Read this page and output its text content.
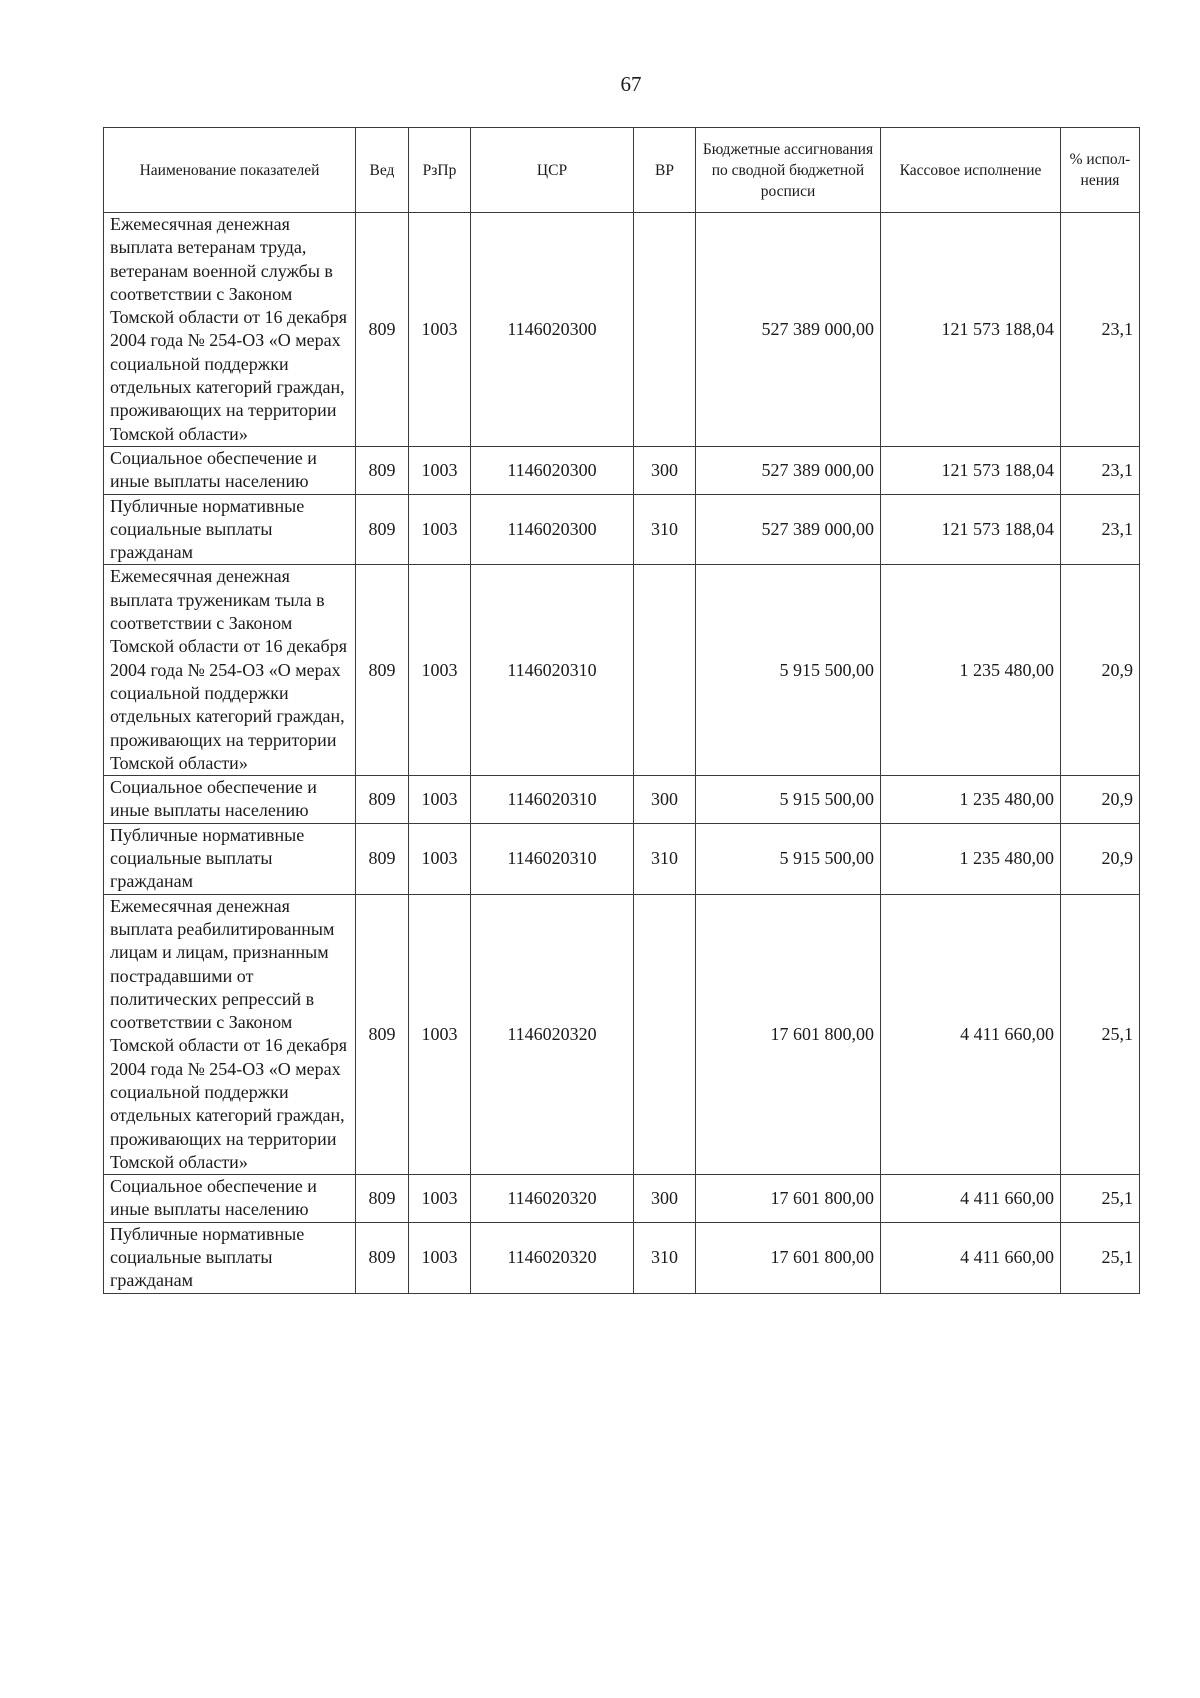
67
Наименование показателей	Вед	РзПр	ЦСР	ВР	Бюджетные ассигнования по сводной бюджетной росписи	Кассовое исполнение	% испол-нения
Ежемесячная денежная выплата ветеранам труда, ветеранам военной службы в соответствии с Законом Томской области от 16 декабря 2004 года № 254-ОЗ «О мерах социальной поддержки отдельных категорий граждан, проживающих на территории Томской области»	809	1003	1146020300		527 389 000,00	121 573 188,04	23,1
Социальное обеспечение и иные выплаты населению	809	1003	1146020300	300	527 389 000,00	121 573 188,04	23,1
Публичные нормативные социальные выплаты гражданам	809	1003	1146020300	310	527 389 000,00	121 573 188,04	23,1
Ежемесячная денежная выплата труженикам тыла в соответствии с Законом Томской области от 16 декабря 2004 года № 254-ОЗ «О мерах социальной поддержки отдельных категорий граждан, проживающих на территории Томской области»	809	1003	1146020310		5 915 500,00	1 235 480,00	20,9
Социальное обеспечение и иные выплаты населению	809	1003	1146020310	300	5 915 500,00	1 235 480,00	20,9
Публичные нормативные социальные выплаты гражданам	809	1003	1146020310	310	5 915 500,00	1 235 480,00	20,9
Ежемесячная денежная выплата реабилитированным лицам и лицам, признанным пострадавшими от политических репрессий в соответствии с Законом Томской области от 16 декабря 2004 года № 254-ОЗ «О мерах социальной поддержки отдельных категорий граждан, проживающих на территории Томской области»	809	1003	1146020320		17 601 800,00	4 411 660,00	25,1
Социальное обеспечение и иные выплаты населению	809	1003	1146020320	300	17 601 800,00	4 411 660,00	25,1
Публичные нормативные социальные выплаты гражданам	809	1003	1146020320	310	17 601 800,00	4 411 660,00	25,1
